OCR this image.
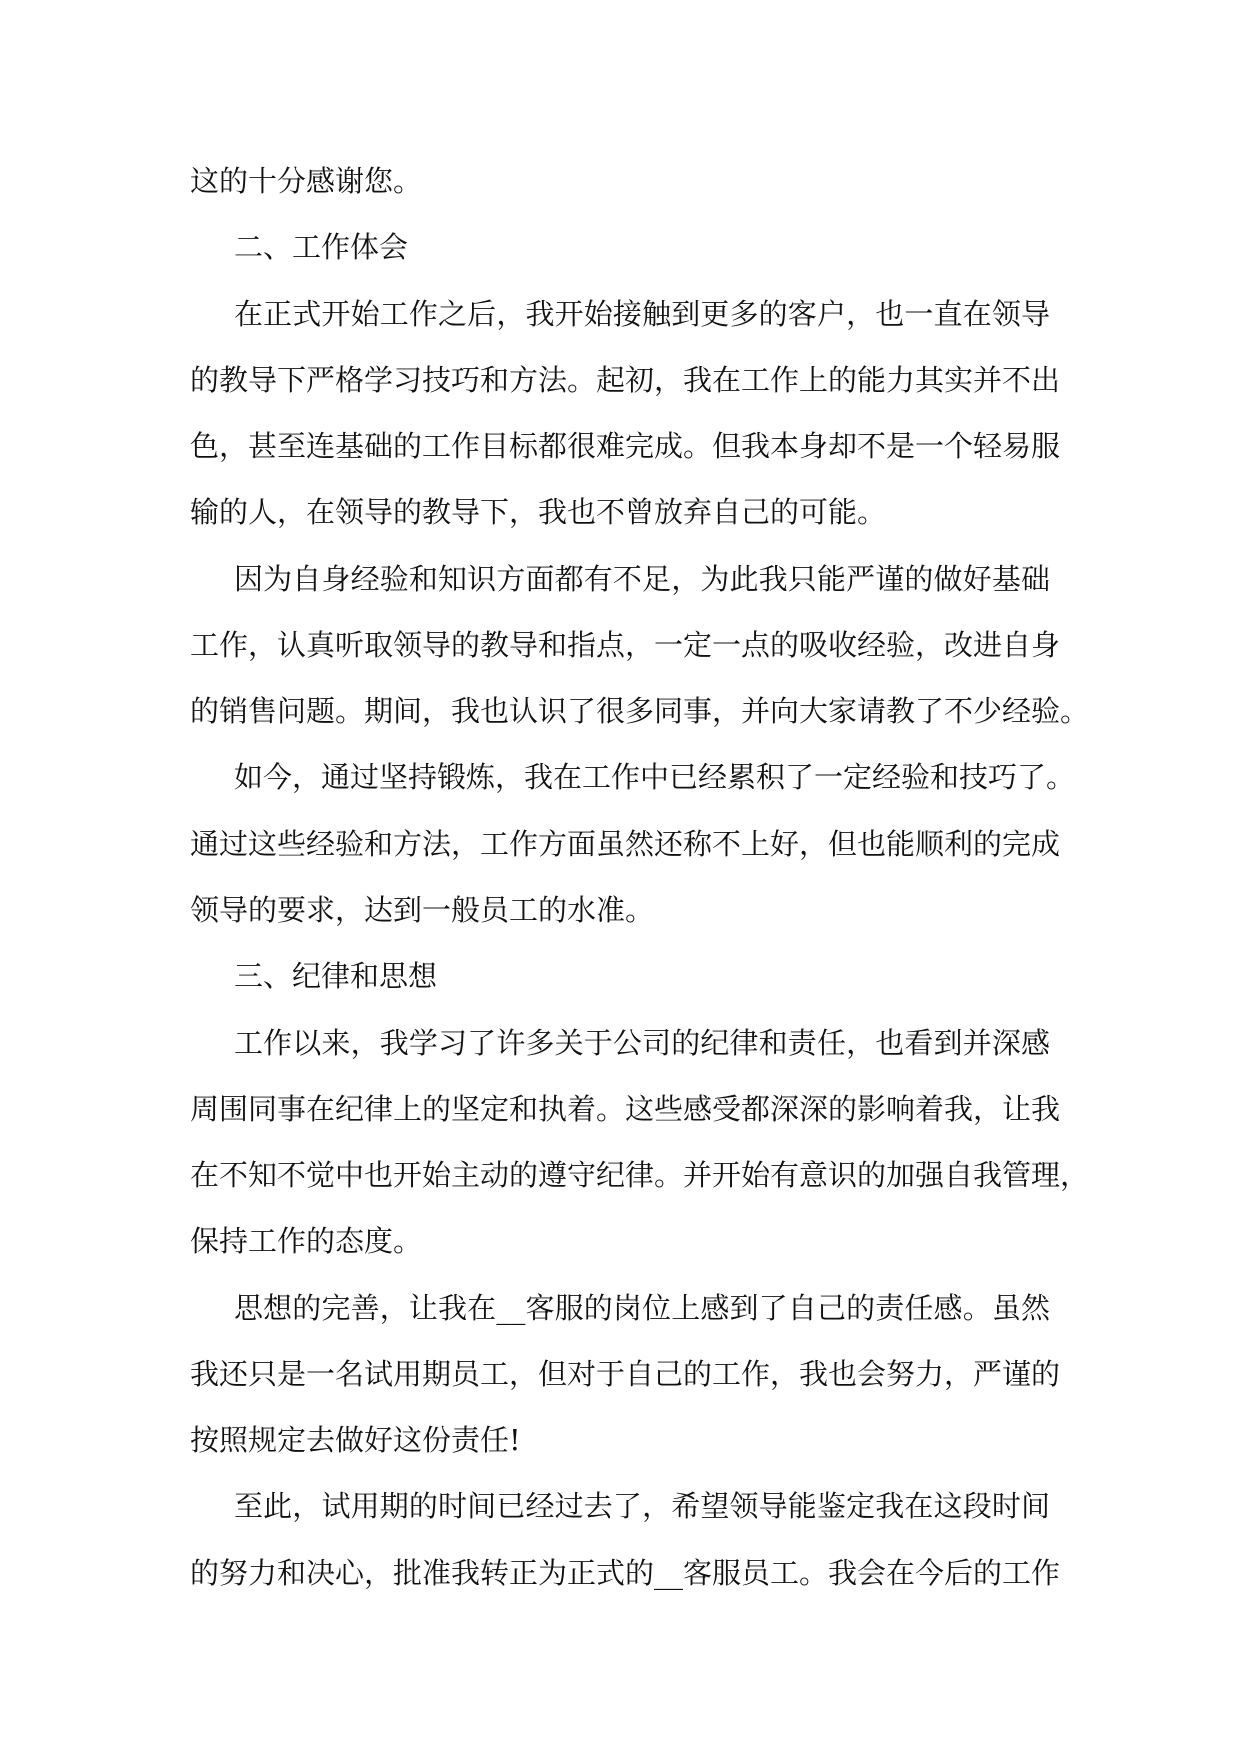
这的十分感谢您。
二、工作体会
在正式开始工作之后，我开始接触到更多的客户，也一直在领导
的教导下严格学习技巧和方法。起初，我在工作上的能力其实并不出
色，甚至连基础的工作目标都很难完成。但我本身却不是一个轻易服
输的人，在领导的教导下，我也不曾放弃自己的可能。
因为自身经验和知识方面都有不足，为此我只能严谨的做好基础
工作，认真听取领导的教导和指点，一定一点的吸收经验，改进自身
的销售问题。期间，我也认识了很多同事，并向大家请教了不少经验。
如今，通过坚持锻炼，我在工作中已经累积了一定经验和技巧了。
通过这些经验和方法，工作方面虽然还称不上好，但也能顺利的完成
领导的要求，达到一般员工的水准。
三、纪律和思想
工作以来，我学习了许多关于公司的纪律和责任，也看到并深感
周围同事在纪律上的坚定和执着。这些感受都深深的影响着我，让我
在不知不觉中也开始主动的遵守纪律。并开始有意识的加强自我管理，
保持工作的态度。
思想的完善，让我在__客服的岗位上感到了自己的责任感。虽然
我还只是一名试用期员工，但对于自己的工作，我也会努力，严谨的
按照规定去做好这份责任!
至此，试用期的时间已经过去了，希望领导能鉴定我在这段时间
的努力和决心，批准我转正为正式的__客服员工。我会在今后的工作
